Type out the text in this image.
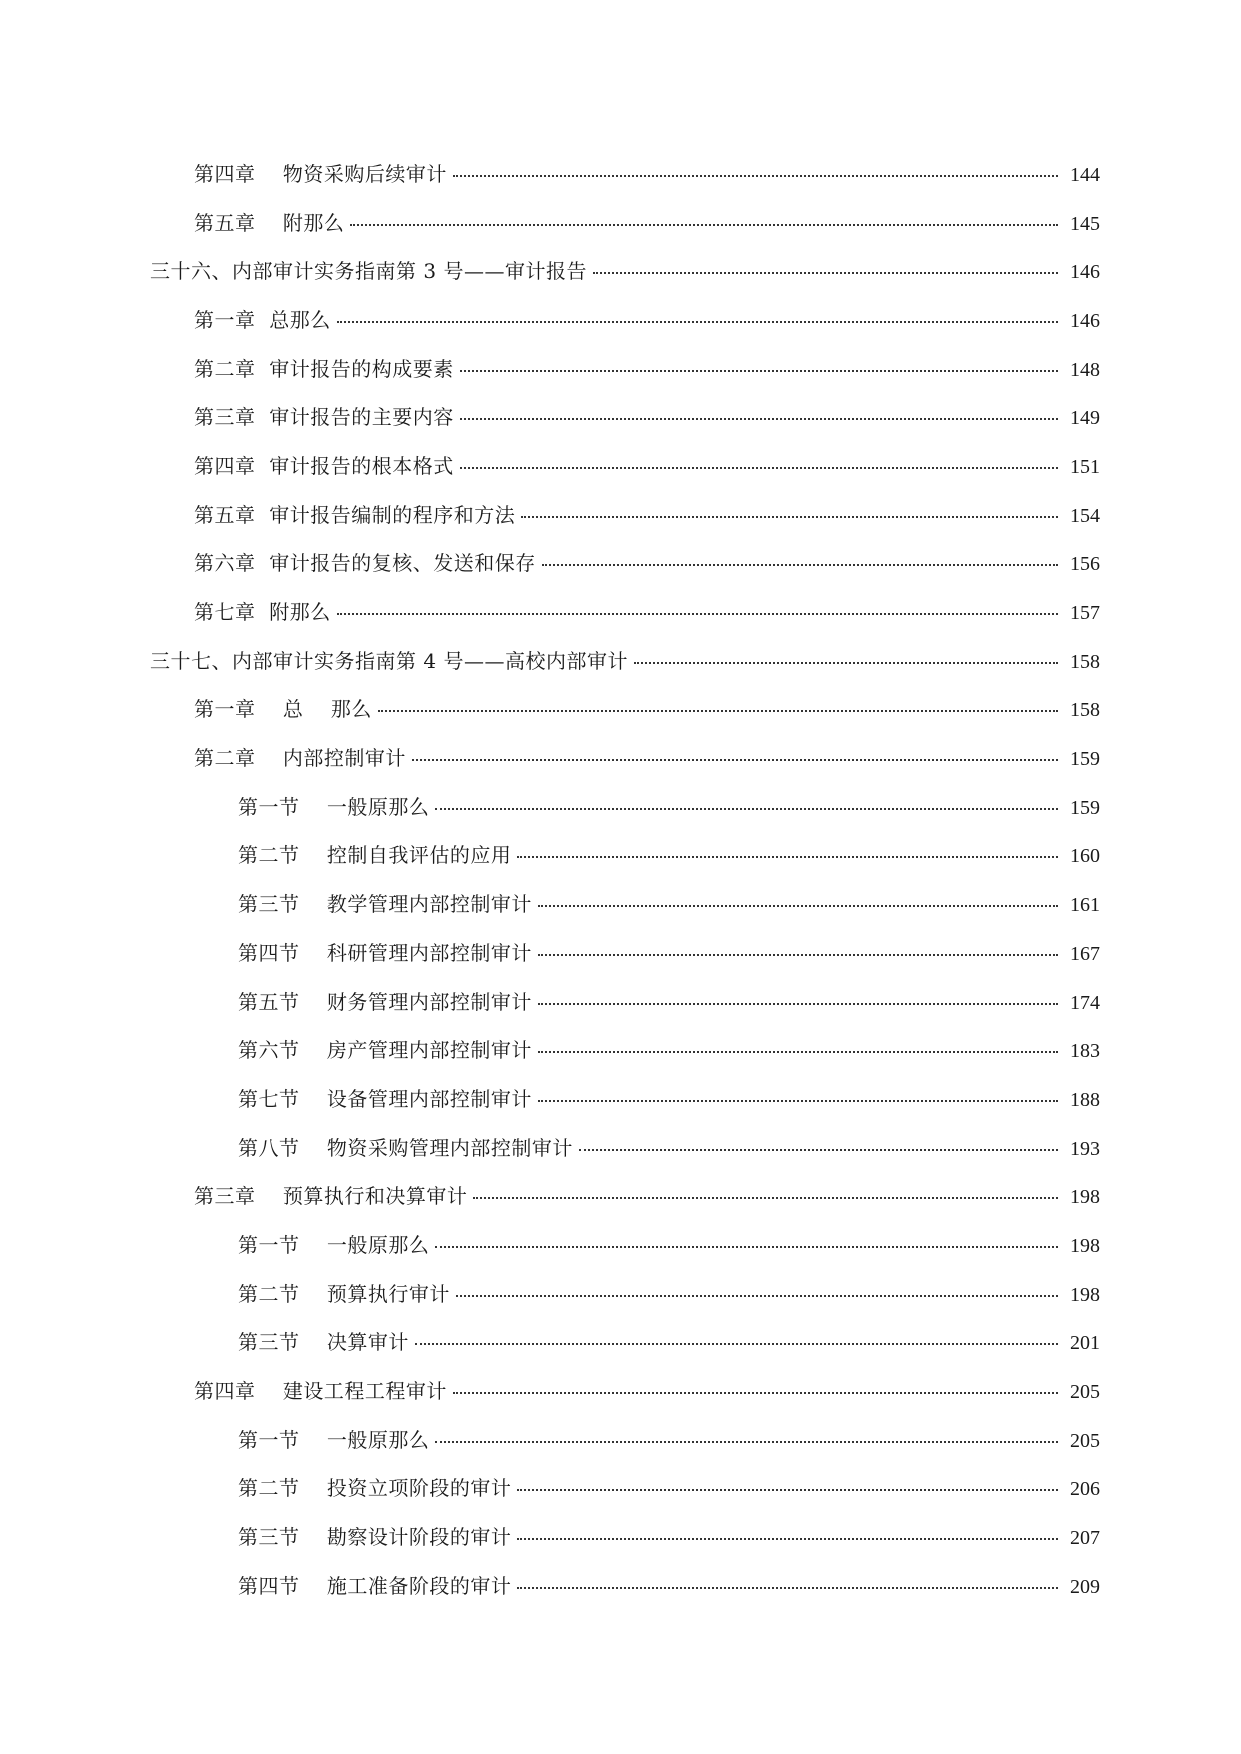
第四章    物资采购后续审计	144
第五章    附那么	145
三十六、内部审计实务指南第 3 号——审计报告	146
第一章  总那么	146
第二章  审计报告的构成要素	148
第三章  审计报告的主要内容	149
第四章  审计报告的根本格式	151
第五章  审计报告编制的程序和方法	154
第六章  审计报告的复核、发送和保存	156
第七章  附那么	157
三十七、内部审计实务指南第 4 号——高校内部审计	158
第一章    总    那么	158
第二章    内部控制审计	159
第一节    一般原那么	159
第二节    控制自我评估的应用	160
第三节    教学管理内部控制审计	161
第四节    科研管理内部控制审计	167
第五节    财务管理内部控制审计	174
第六节    房产管理内部控制审计	183
第七节    设备管理内部控制审计	188
第八节    物资采购管理内部控制审计	193
第三章    预算执行和决算审计	198
第一节    一般原那么	198
第二节    预算执行审计	198
第三节    决算审计	201
第四章    建设工程工程审计	205
第一节    一般原那么	205
第二节    投资立项阶段的审计	206
第三节    勘察设计阶段的审计	207
第四节    施工准备阶段的审计	209
